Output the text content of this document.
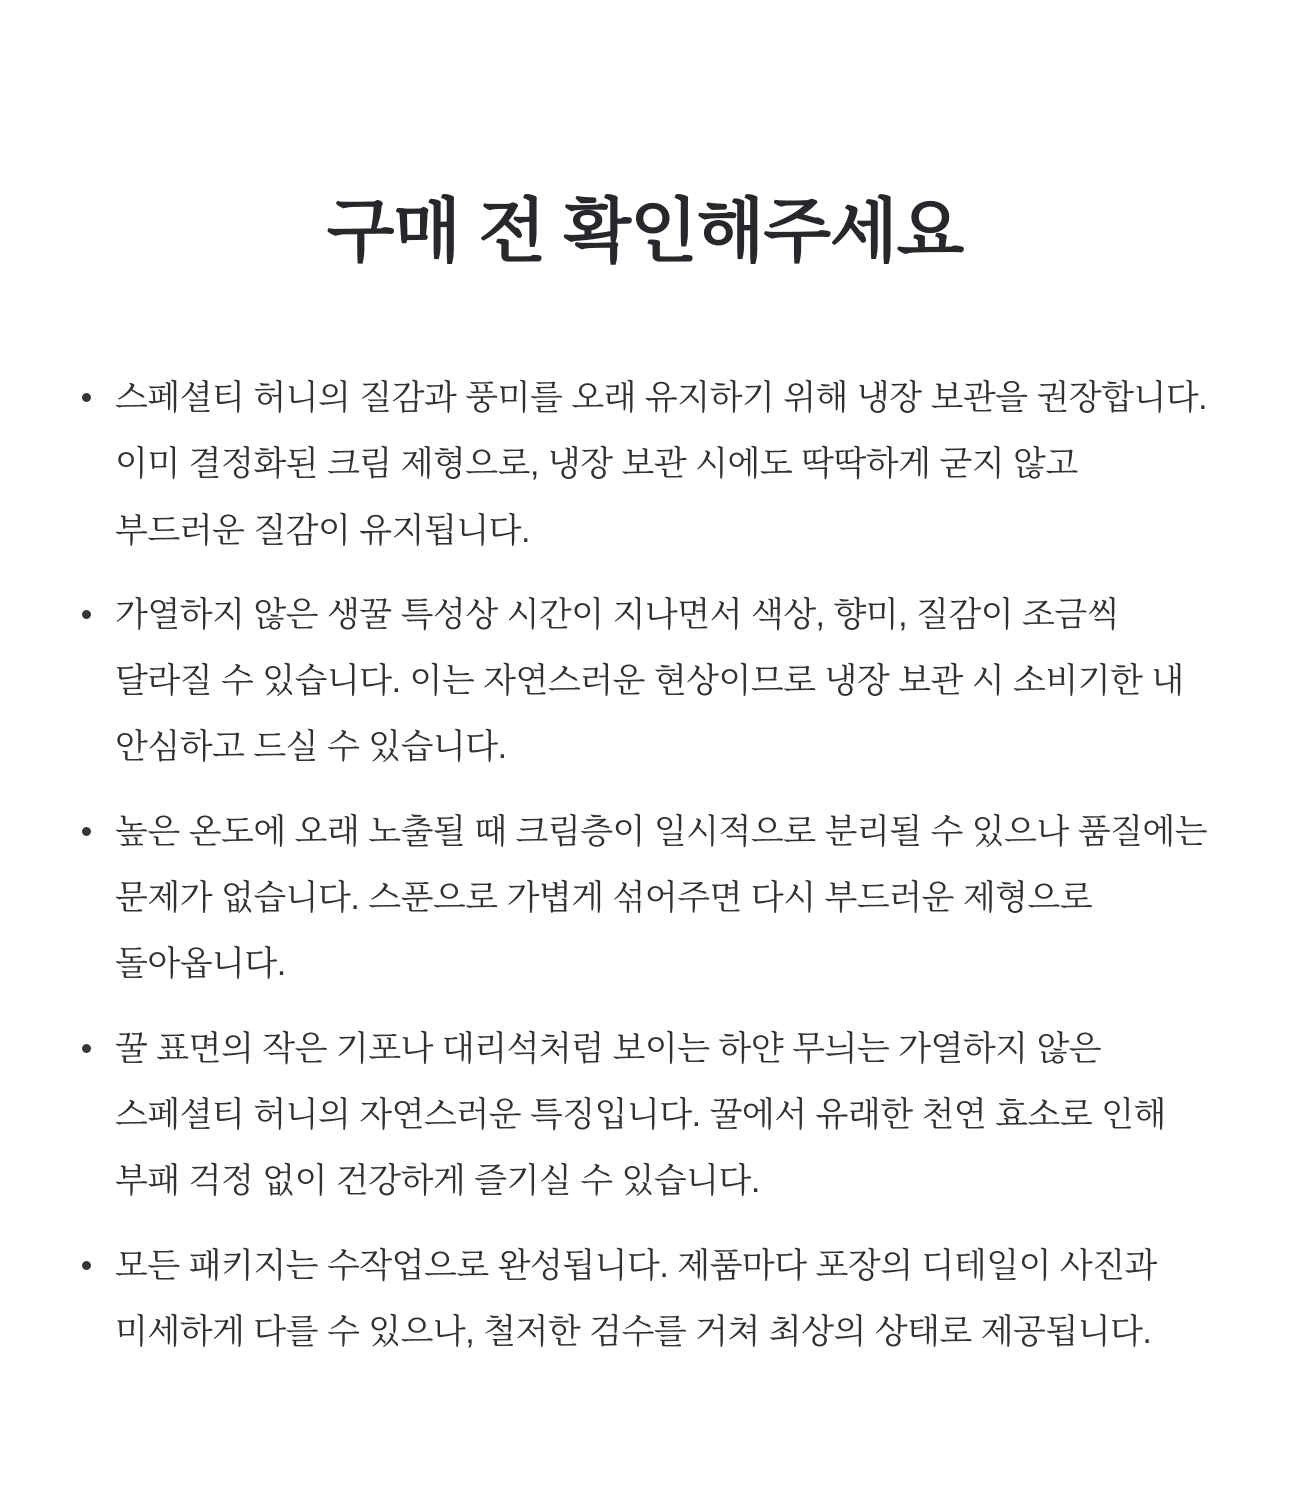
구매 전 확인해주세요
스페셜티 허니의 질감과 풍미를 오래 유지하기 위해 냉장 보관을 권장합니다. 이미 결정화된 크림 제형으로, 냉장 보관 시에도 딱딱하게 굳지 않고 부드러운 질감이 유지됩니다.
가열하지 않은 생꿀 특성상 시간이 지나면서 색상, 향미, 질감이 조금씩 달라질 수 있습니다. 이는 자연스러운 현상이므로 냉장 보관 시 소비기한 내 안심하고 드실 수 있습니다.
높은 온도에 오래 노출될 때 크림층이 일시적으로 분리될 수 있으나 품질에는 문제가 없습니다. 스푼으로 가볍게 섞어주면 다시 부드러운 제형으로 돌아옵니다.
꿀 표면의 작은 기포나 대리석처럼 보이는 하얀 무늬는 가열하지 않은 스페셜티 허니의 자연스러운 특징입니다. 꿀에서 유래한 천연 효소로 인해 부패 걱정 없이 건강하게 즐기실 수 있습니다.
모든 패키지는 수작업으로 완성됩니다. 제품마다 포장의 디테일이 사진과 미세하게 다를 수 있으나, 철저한 검수를 거쳐 최상의 상태로 제공됩니다.
